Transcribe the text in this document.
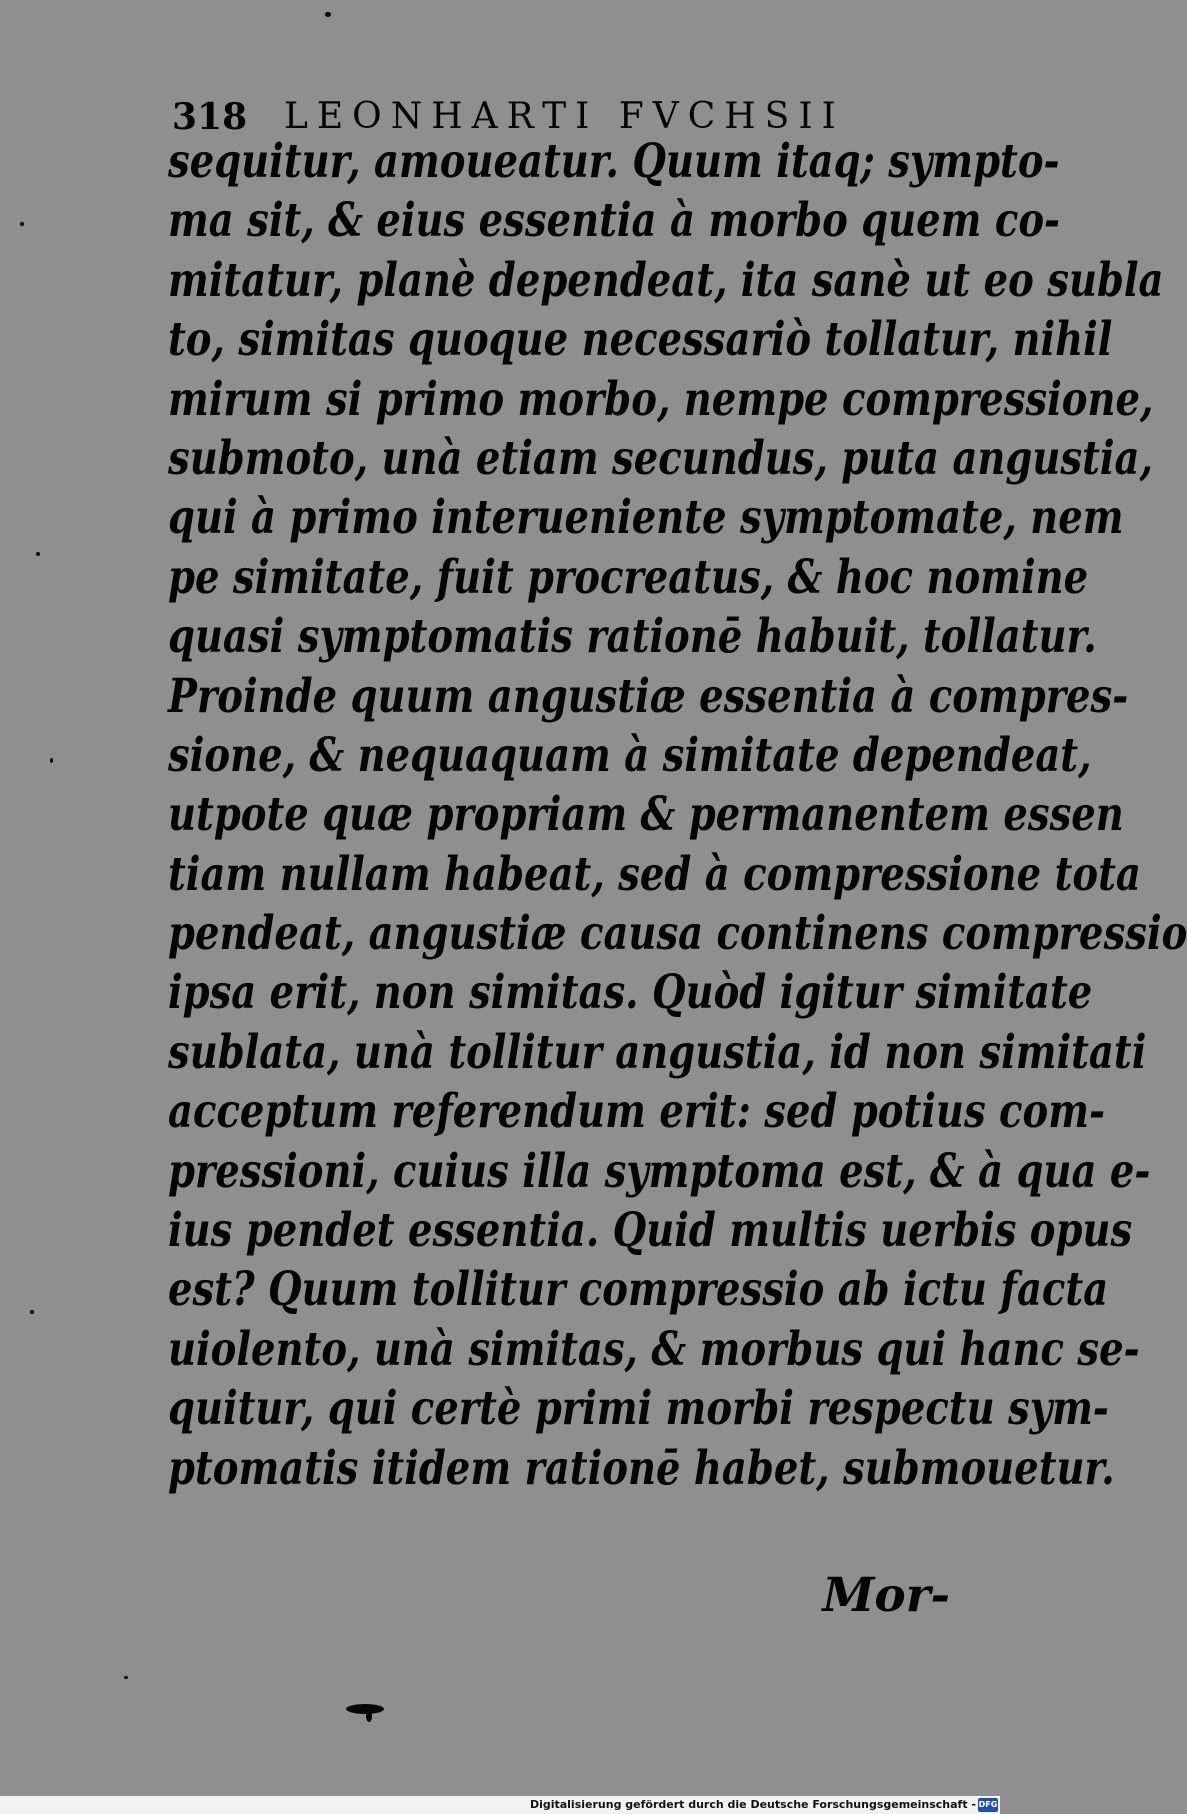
318 LEONHARTI FVCHSII
sequitur, amoueatur. Quum itaq; sympto-
ma sit, & eius essentia à morbo quem co-
mitatur, planè dependeat, ita sanè ut eo subla
to, simitas quoque necessariò tollatur, nihil
mirum si primo morbo, nempe compressione,
submoto, unà etiam secundus, puta angustia,
qui à primo interueniente symptomate, nem
pe simitate, fuit procreatus, & hoc nomine
quasi symptomatis rationē habuit, tollatur.
Proinde quum angustiæ essentia à compres-
sione, & nequaquam à simitate dependeat,
utpote quæ propriam & permanentem essen
tiam nullam habeat, sed à compressione tota
pendeat, angustiæ causa continens compressio
ipsa erit, non simitas. Quòd igitur simitate
sublata, unà tollitur angustia, id non simitati
acceptum referendum erit: sed potius com-
pressioni, cuius illa symptoma est, & à qua e-
ius pendet essentia. Quid multis uerbis opus
est? Quum tollitur compressio ab ictu facta
uiolento, unà simitas, & morbus qui hanc se-
quitur, qui certè primi morbi respectu sym-
ptomatis itidem rationē habet, submouetur.
Mor-
Digitalisierung gefördert durch die Deutsche Forschungsgemeinschaft - DFG
